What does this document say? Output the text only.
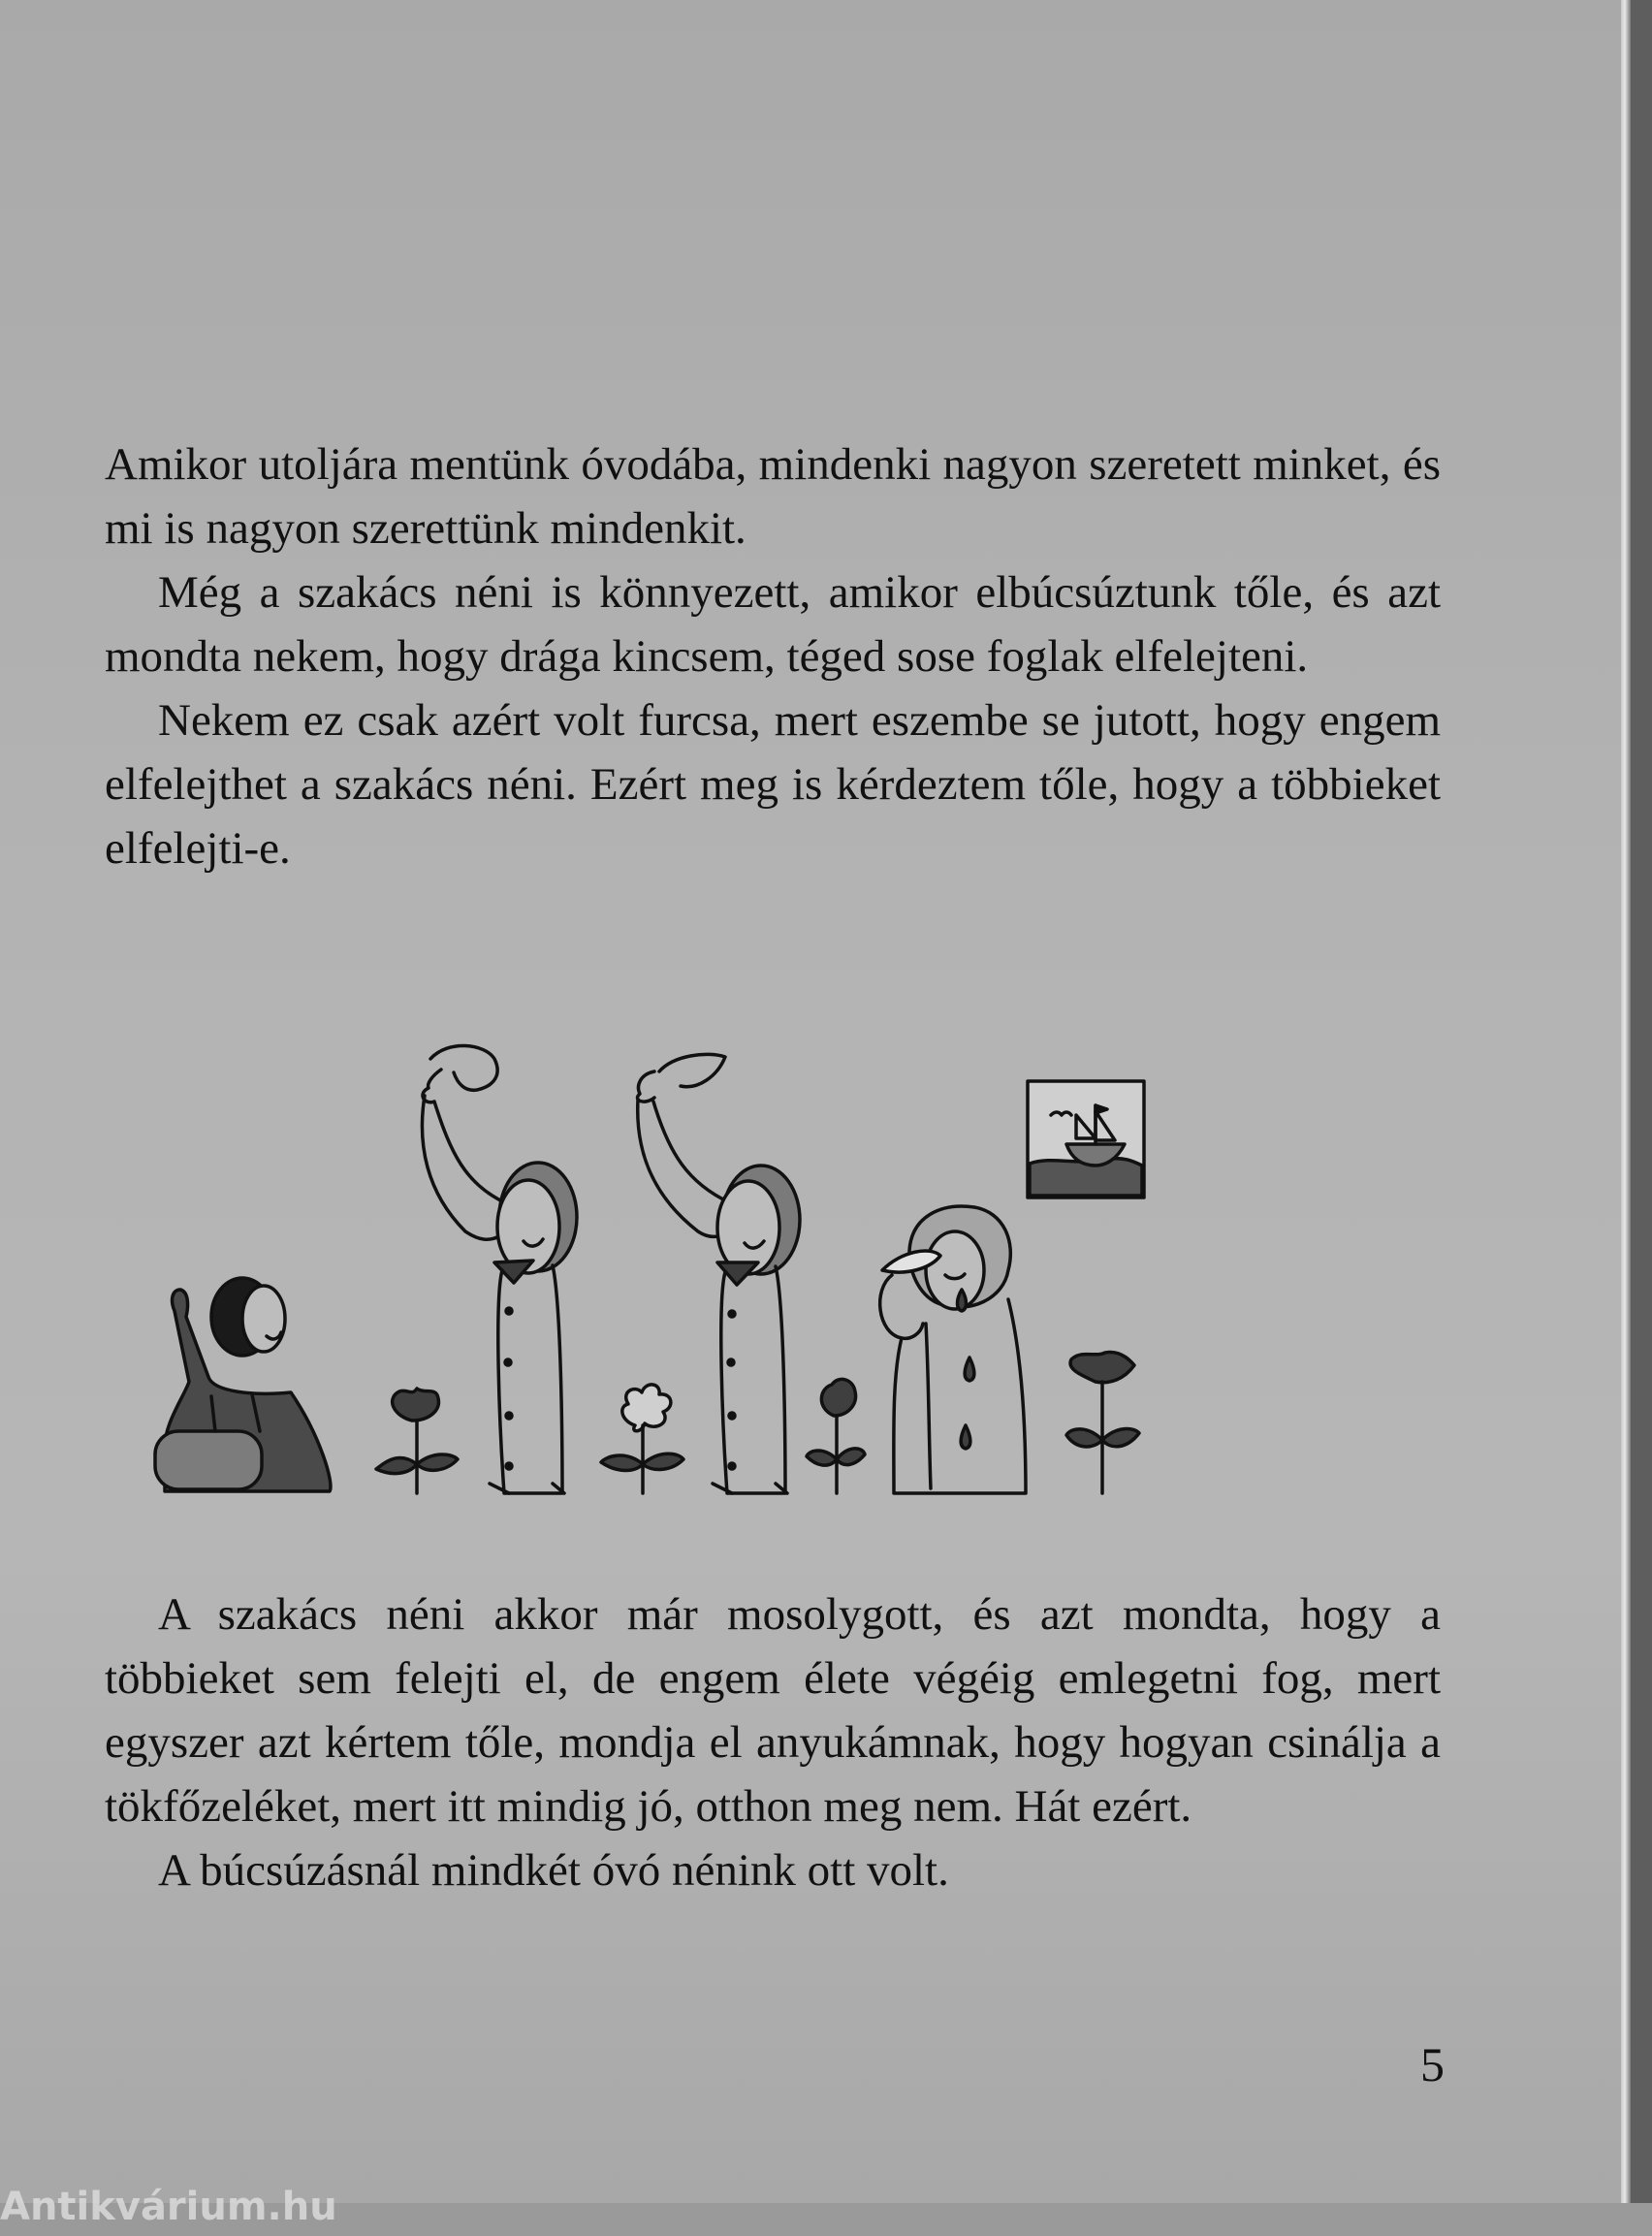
Amikor utoljára mentünk óvodába, mindenki nagyon szeretett minket, és mi is nagyon szerettünk mindenkit.

Még a szakács néni is könnyezett, amikor elbúcsúztunk tőle, és azt mondta nekem, hogy drága kincsem, téged sose foglak elfelejteni.

Nekem ez csak azért volt furcsa, mert eszembe se jutott, hogy engem elfelejthet a szakács néni. Ezért meg is kérdeztem tőle, hogy a többieket elfelejti-e.

A szakács néni akkor már mosolygott, és azt mondta, hogy a többieket sem felejti el, de engem élete végéig emlegetni fog, mert egyszer azt kértem tőle, mondja el anyukámnak, hogy hogyan csinálja a tökfőzeléket, mert itt mindig jó, otthon meg nem. Hát ezért.

A búcsúzásnál mindkét óvó nénink ott volt.

5
Antikvárium.hu
